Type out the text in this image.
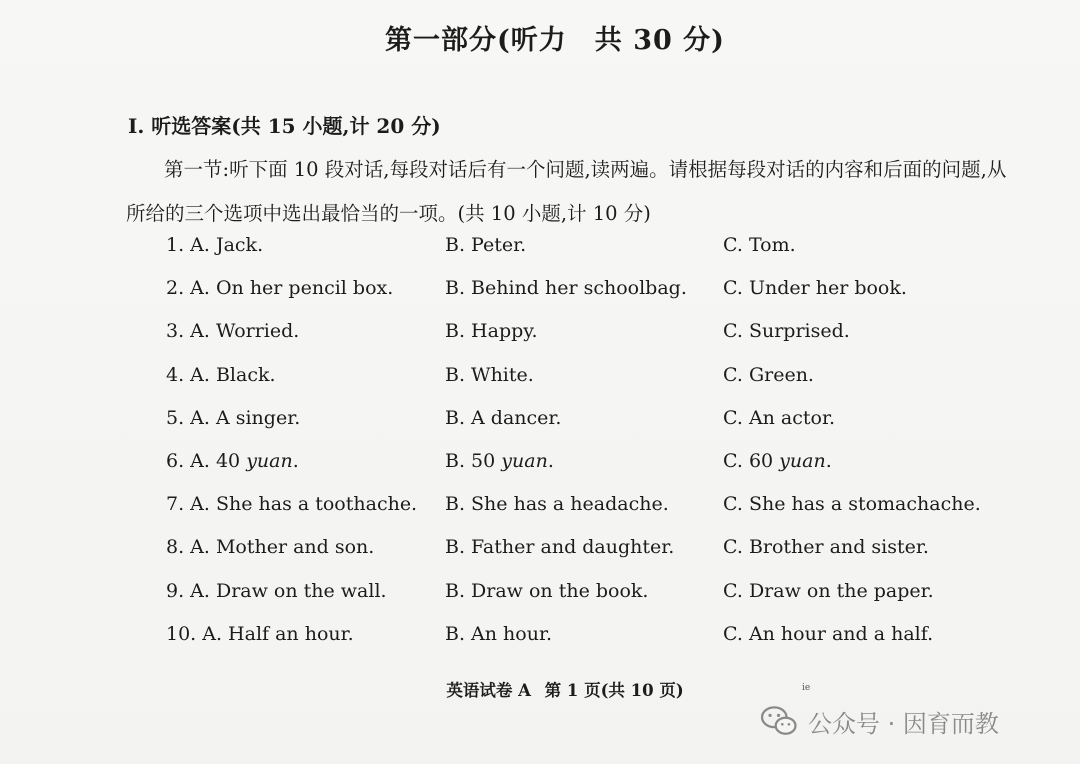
第一部分(听力　共 30 分)
Ⅰ. 听选答案(共 15 小题,计 20 分)
第一节:听下面 10 段对话,每段对话后有一个问题,读两遍。请根据每段对话的内容和后面的问题,从所给的三个选项中选出最恰当的一项。(共 10 小题,计 10 分)
1. A. Jack.	B. Peter.	C. Tom.
2. A. On her pencil box.	B. Behind her schoolbag. C. Under her book.
3. A. Worried.	B. Happy.	C. Surprised.
4. A. Black.	B. White.	C. Green.
5. A. A singer.	B. A dancer.	C. An actor.
6. A. 40 yuan.	B. 50 yuan.	C. 60 yuan.
7. A. She has a toothache. B. She has a headache.	C. She has a stomachache.
8. A. Mother and son.	B. Father and daughter.	C. Brother and sister.
9. A. Draw on the wall.	B. Draw on the book.	C. Draw on the paper.
10. A. Half an hour.	B. An hour.	C. An hour and a half.
英语试卷 A 第 1 页(共 10 页)	ie
公众号 · 因育而教
